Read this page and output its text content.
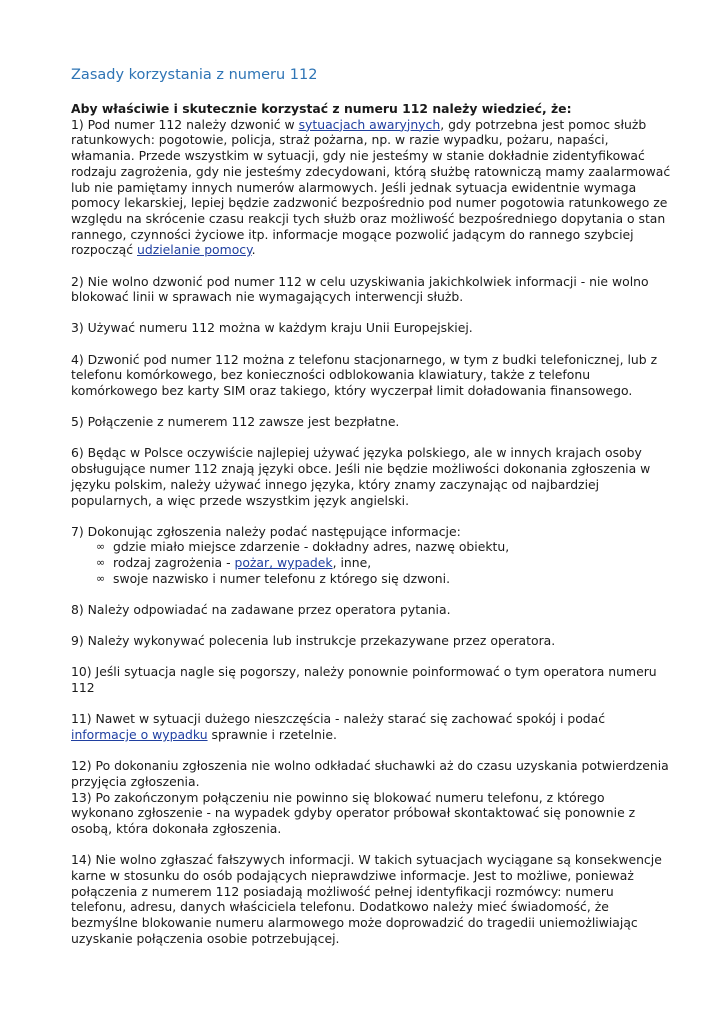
Zasady korzystania z numeru 112
Aby właściwie i skutecznie korzystać z numeru 112 należy wiedzieć, że:
1) Pod numer 112 należy dzwonić w sytuacjach awaryjnych, gdy potrzebna jest pomoc służb ratunkowych: pogotowie, policja, straż pożarna, np. w razie wypadku, pożaru, napaści, włamania. Przede wszystkim w sytuacji, gdy nie jesteśmy w stanie dokładnie zidentyfikować rodzaju zagrożenia, gdy nie jesteśmy zdecydowani, którą służbę ratowniczą mamy zaalarmować lub nie pamiętamy innych numerów alarmowych. Jeśli jednak sytuacja ewidentnie wymaga pomocy lekarskiej, lepiej będzie zadzwonić bezpośrednio pod numer pogotowia ratunkowego ze względu na skrócenie czasu reakcji tych służb oraz możliwość bezpośredniego dopytania o stan rannego, czynności życiowe itp. informacje mogące pozwolić jadącym do rannego szybciej rozpocząć udzielanie pomocy.

2) Nie wolno dzwonić pod numer 112 w celu uzyskiwania jakichkolwiek informacji - nie wolno blokować linii w sprawach nie wymagających interwencji służb.

3) Używać numeru 112 można w każdym kraju Unii Europejskiej.

4) Dzwonić pod numer 112 można z telefonu stacjonarnego, w tym z budki telefonicznej, lub z telefonu komórkowego, bez konieczności odblokowania klawiatury, także z telefonu komórkowego bez karty SIM oraz takiego, który wyczerpał limit doładowania finansowego.

5) Połączenie z numerem 112 zawsze jest bezpłatne.

6) Będąc w Polsce oczywiście najlepiej używać języka polskiego, ale w innych krajach osoby obsługujące numer 112 znają języki obce. Jeśli nie będzie możliwości dokonania zgłoszenia w języku polskim, należy używać innego języka, który znamy zaczynając od najbardziej popularnych, a więc przede wszystkim język angielski.

7) Dokonując zgłoszenia należy podać następujące informacje:
∞ gdzie miało miejsce zdarzenie - dokładny adres, nazwę obiektu,
∞ rodzaj zagrożenia - pożar, wypadek, inne,
∞ swoje nazwisko i numer telefonu z którego się dzwoni.

8) Należy odpowiadać na zadawane przez operatora pytania.

9) Należy wykonywać polecenia lub instrukcje przekazywane przez operatora.

10) Jeśli sytuacja nagle się pogorszy, należy ponownie poinformować o tym operatora numeru 112

11) Nawet w sytuacji dużego nieszczęścia - należy starać się zachować spokój i podać informacje o wypadku sprawnie i rzetelnie.

12) Po dokonaniu zgłoszenia nie wolno odkładać słuchawki aż do czasu uzyskania potwierdzenia przyjęcia zgłoszenia.

13) Po zakończonym połączeniu nie powinno się blokować numeru telefonu, z którego wykonano zgłoszenie - na wypadek gdyby operator próbował skontaktować się ponownie z osobą, która dokonała zgłoszenia.

14) Nie wolno zgłaszać fałszywych informacji. W takich sytuacjach wyciągane są konsekwencje karne w stosunku do osób podających nieprawdziwe informacje. Jest to możliwe, ponieważ połączenia z numerem 112 posiadają możliwość pełnej identyfikacji rozmówcy: numeru telefonu, adresu, danych właściciela telefonu. Dodatkowo należy mieć świadomość, że bezmyślne blokowanie numeru alarmowego może doprowadzić do tragedii uniemożliwiając uzyskanie połączenia osobie potrzebującej.
